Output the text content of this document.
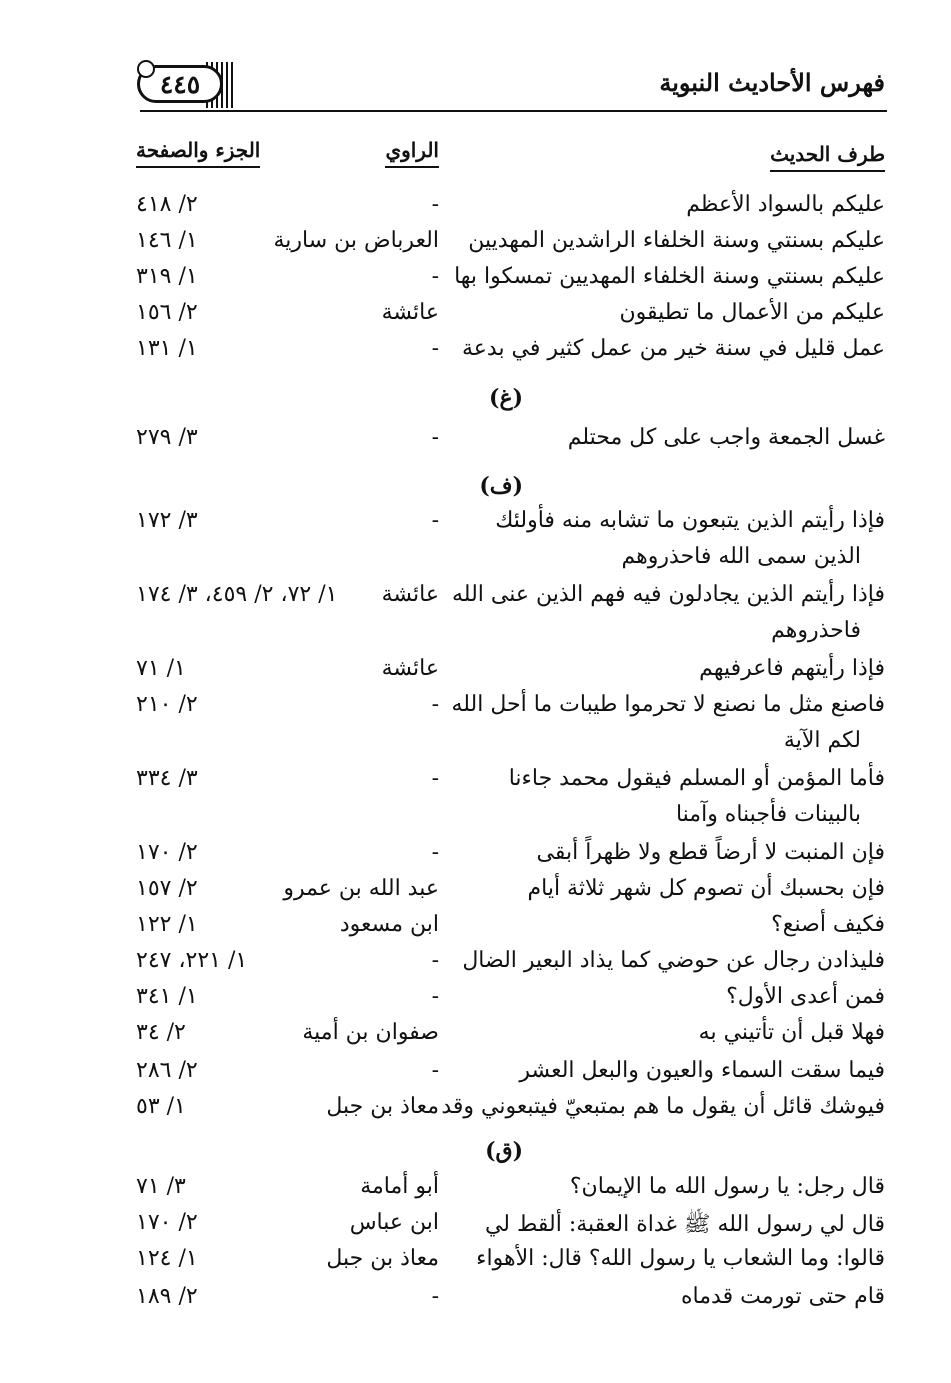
فهرس الأحاديث النبوية
٤٤٥
طرف الحديث
الراوي
الجزء والصفحة
عليكم بالسواد الأعظم
-
٢/ ٤١٨
عليكم بسنتي وسنة الخلفاء الراشدين المهديين
العرباض بن سارية
١/ ١٤٦
عليكم بسنتي وسنة الخلفاء المهديين تمسكوا بها
-
١/ ٣١٩
عليكم من الأعمال ما تطيقون
عائشة
٢/ ١٥٦
عمل قليل في سنة خير من عمل كثير في بدعة
-
١/ ١٣١
(غ)
غسل الجمعة واجب على كل محتلم
-
٣/ ٢٧٩
(ف)
فإذا رأيتم الذين يتبعون ما تشابه منه فأولئك
-
٣/ ١٧٢
الذين سمى الله فاحذروهم
فإذا رأيتم الذين يجادلون فيه فهم الذين عنى الله
عائشة
١/ ٧٢، ٢/ ٤٥٩، ٣/ ١٧٤
فاحذروهم
فإذا رأيتهم فاعرفيهم
عائشة
١/ ٧١
فاصنع مثل ما نصنع لا تحرموا طيبات ما أحل الله
-
٢/ ٢١٠
لكم الآية
فأما المؤمن أو المسلم فيقول محمد جاءنا
-
٣/ ٣٣٤
بالبينات فأجبناه وآمنا
فإن المنبت لا أرضاً قطع ولا ظهراً أبقى
-
٢/ ١٧٠
فإن بحسبك أن تصوم كل شهر ثلاثة أيام
عبد الله بن عمرو
٢/ ١٥٧
فكيف أصنع؟
ابن مسعود
١/ ١٢٢
فليذادن رجال عن حوضي كما يذاد البعير الضال
-
١/ ٢٢١، ٢٤٧
فمن أعدى الأول؟
-
١/ ٣٤١
فهلا قبل أن تأتيني به
صفوان بن أمية
٢/ ٣٤
فيما سقت السماء والعيون والبعل العشر
-
٢/ ٢٨٦
فيوشك قائل أن يقول ما هم بمتبعيّ فيتبعوني وقد
معاذ بن جبل
١/ ٥٣
(ق)
قال رجل: يا رسول الله ما الإيمان؟
أبو أمامة
٣/ ٧١
قال لي رسول الله ﷺ غداة العقبة: ألقط لي
ابن عباس
٢/ ١٧٠
قالوا: وما الشعاب يا رسول الله؟ قال: الأهواء
معاذ بن جبل
١/ ١٢٤
قام حتى تورمت قدماه
-
٢/ ١٨٩
